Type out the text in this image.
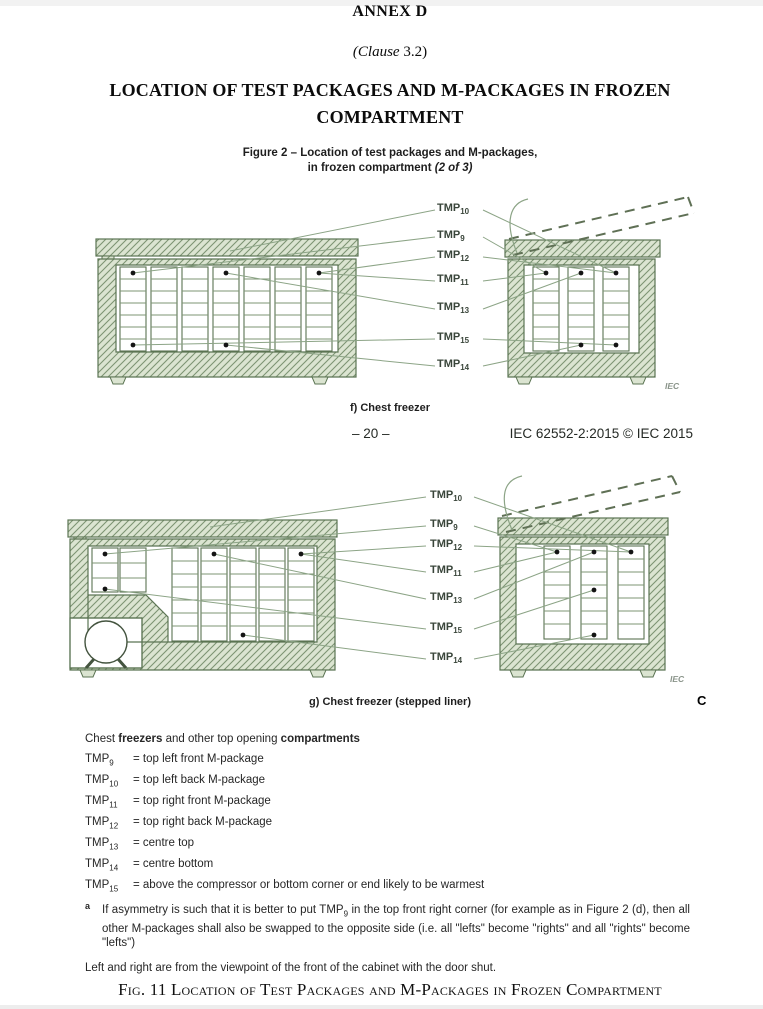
ANNEX D
(Clause 3.2)
LOCATION OF TEST PACKAGES AND M-PACKAGES IN FROZEN
COMPARTMENT
Figure 2 – Location of test packages and M-packages,
in frozen compartment (2 of 3)
$TMP_{10}$
$TMP_9$
$TMP_{12}$
$TMP_{11}$
$TMP_{13}$
$TMP_{15}$
$TMP_{14}$
IEC
f) Chest freezer
– 20 –	IEC 62552-2:2015 © IEC 2015
$TMP_{10}$
$TMP_9$
$TMP_{12}$
$TMP_{11}$
$TMP_{13}$
$TMP_{15}$
$TMP_{14}$
IEC
g) Chest freezer (stepped liner)	C
Chest freezers and other top opening compartments
$TMP_9$	= top left front M-package
$TMP_{10}$	= top left back M-package
$TMP_{11}$	= top right front M-package
$TMP_{12}$	= top right back M-package
$TMP_{13}$	= centre top
$TMP_{14}$	= centre bottom
$TMP_{15}$	= above the compressor or bottom corner or end likely to be warmest
a	If asymmetry is such that it is better to put $TMP_9$ in the top front right corner (for example as in Figure 2 (d), then all other M-packages shall also be swapped to the opposite side (i.e. all "lefts" become "rights" and all "rights" become "lefts")
Left and right are from the viewpoint of the front of the cabinet with the door shut.
Fig. 11 Location of Test Packages and M-Packages in Frozen Compartment
